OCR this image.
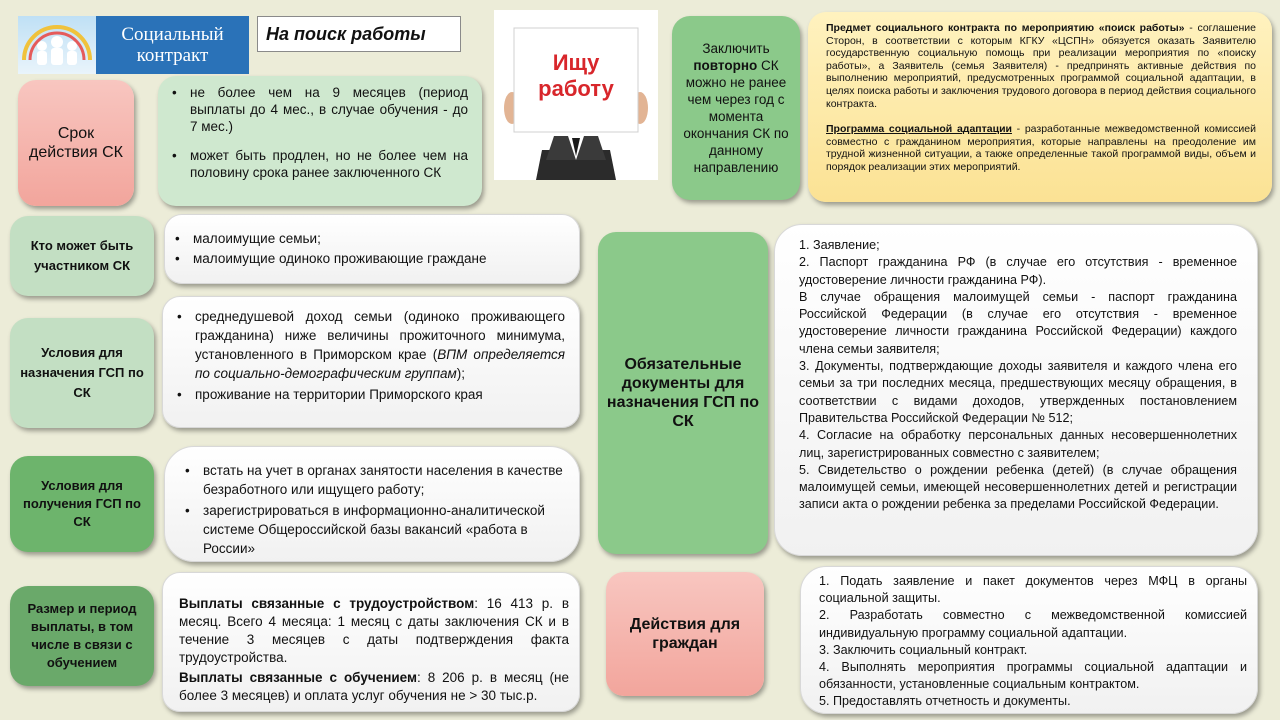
Социальный контракт
На поиск работы
Ищу работу
Заключить повторно СК можно не ранее чем через год с момента окончания СК по данному направлению

Предмет социального контракта по мероприятию «поиск работы» - соглашение Сторон, в соответствии с которым КГКУ «ЦСПН» обязуется оказать Заявителю государственную социальную помощь при реализации мероприятия по «поиску работы», а Заявитель (семья Заявителя) - предпринять активные действия по выполнению мероприятий, предусмотренных программой социальной адаптации, в целях поиска работы и заключения трудового договора в период действия социального контракта.

Программа социальной адаптации - разработанные межведомственной комиссией совместно с гражданином мероприятия, которые направлены на преодоление им трудной жизненной ситуации, а также определенные такой программой виды, объем и порядок реализации этих мероприятий.

Срок действия СК
• не более чем на 9 месяцев (период выплаты до 4 мес., в случае обучения - до 7 мес.)
• может быть продлен, но не более чем на половину срока ранее заключенного СК
Кто может быть участником СК
• малоимущие семьи;
• малоимущие одиноко проживающие граждане
Условия для назначения ГСП по СК
• среднедушевой доход семьи (одиноко проживающего гражданина) ниже величины прожиточного минимума, установленного в Приморском крае (ВПМ определяется по социально-демографическим группам);
• проживание на территории Приморского края
Условия для получения ГСП по СК
• встать на учет в органах занятости населения в качестве безработного или ищущего работу;
• зарегистрироваться в информационно-аналитической системе Общероссийской базы вакансий «работа в России»
Размер и период выплаты, в том числе в связи с обучением

Выплаты связанные с трудоустройством: 16 413 р. в месяц. Всего 4 месяца: 1 месяц с даты заключения СК и в течение 3 месяцев с даты подтверждения факта трудоустройства.

Выплаты связанные с обучением: 8 206 р. в месяц (не более 3 месяцев) и оплата услуг обучения не > 30 тыс.р.

Обязательные документы для назначения ГСП по СК

1. Заявление;

2. Паспорт гражданина РФ (в случае его отсутствия - временное удостоверение личности гражданина РФ).

В случае обращения малоимущей семьи - паспорт гражданина Российской Федерации (в случае его отсутствия - временное удостоверение личности гражданина Российской Федерации) каждого члена семьи заявителя;

3. Документы, подтверждающие доходы заявителя и каждого члена его семьи за три последних месяца, предшествующих месяцу обращения, в соответствии с видами доходов, утвержденных постановлением Правительства Российской Федерации № 512;

4. Согласие на обработку персональных данных несовершеннолетних лиц, зарегистрированных совместно с заявителем;

5. Свидетельство о рождении ребенка (детей) (в случае обращения малоимущей семьи, имеющей несовершеннолетних детей и регистрации записи акта о рождении ребенка за пределами Российской Федерации.

Действия для граждан

1. Подать заявление и пакет документов через МФЦ в органы социальной защиты.

2. Разработать совместно с межведомственной комиссией индивидуальную программу социальной адаптации.

3. Заключить социальный контракт.

4. Выполнять мероприятия программы социальной адаптации и обязанности, установленные социальным контрактом.

5. Предоставлять отчетность и документы.
